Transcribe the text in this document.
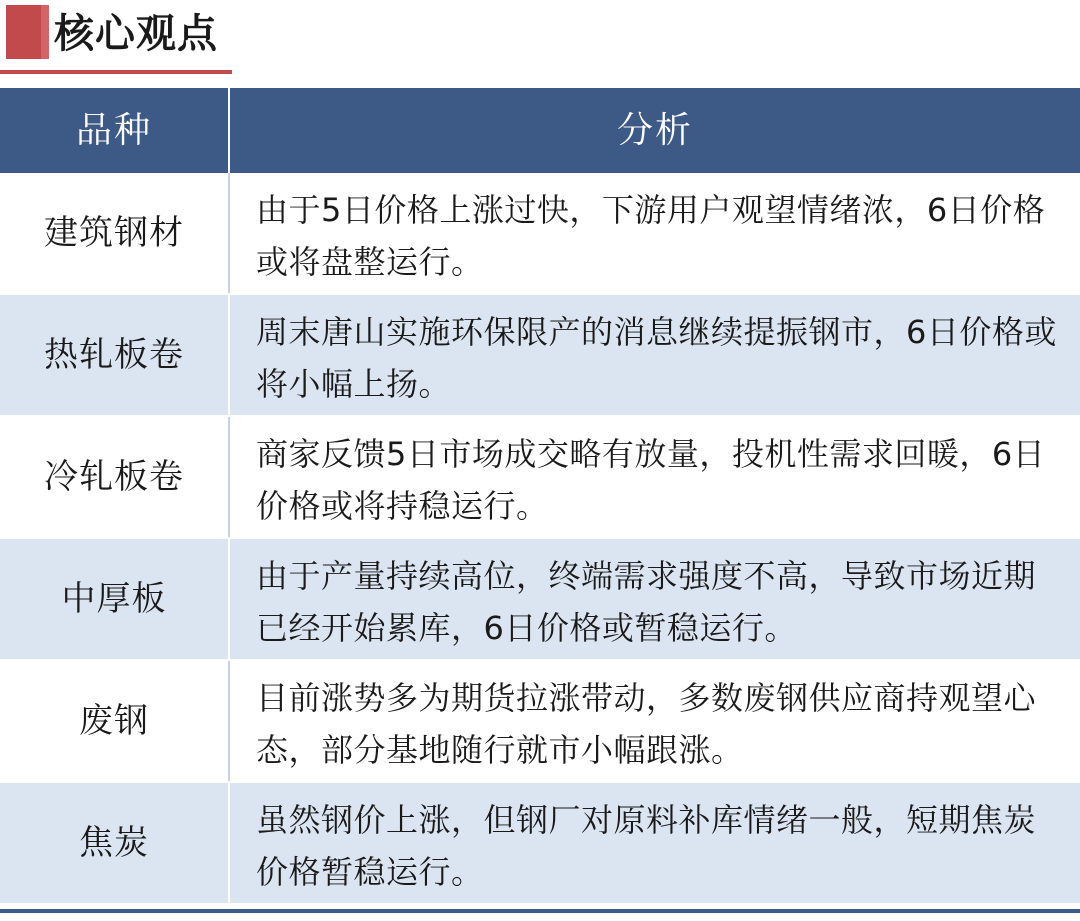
核心观点
品种	分析
建筑钢材
由于5日价格上涨过快，下游用户观望情绪浓，6日价格或将盘整运行。
热轧板卷
周末唐山实施环保限产的消息继续提振钢市，6日价格或将小幅上扬。
冷轧板卷
商家反馈5日市场成交略有放量，投机性需求回暖，6日价格或将持稳运行。
中厚板
由于产量持续高位，终端需求强度不高，导致市场近期已经开始累库，6日价格或暂稳运行。
废钢
目前涨势多为期货拉涨带动，多数废钢供应商持观望心态，部分基地随行就市小幅跟涨。
焦炭
虽然钢价上涨，但钢厂对原料补库情绪一般，短期焦炭价格暂稳运行。
